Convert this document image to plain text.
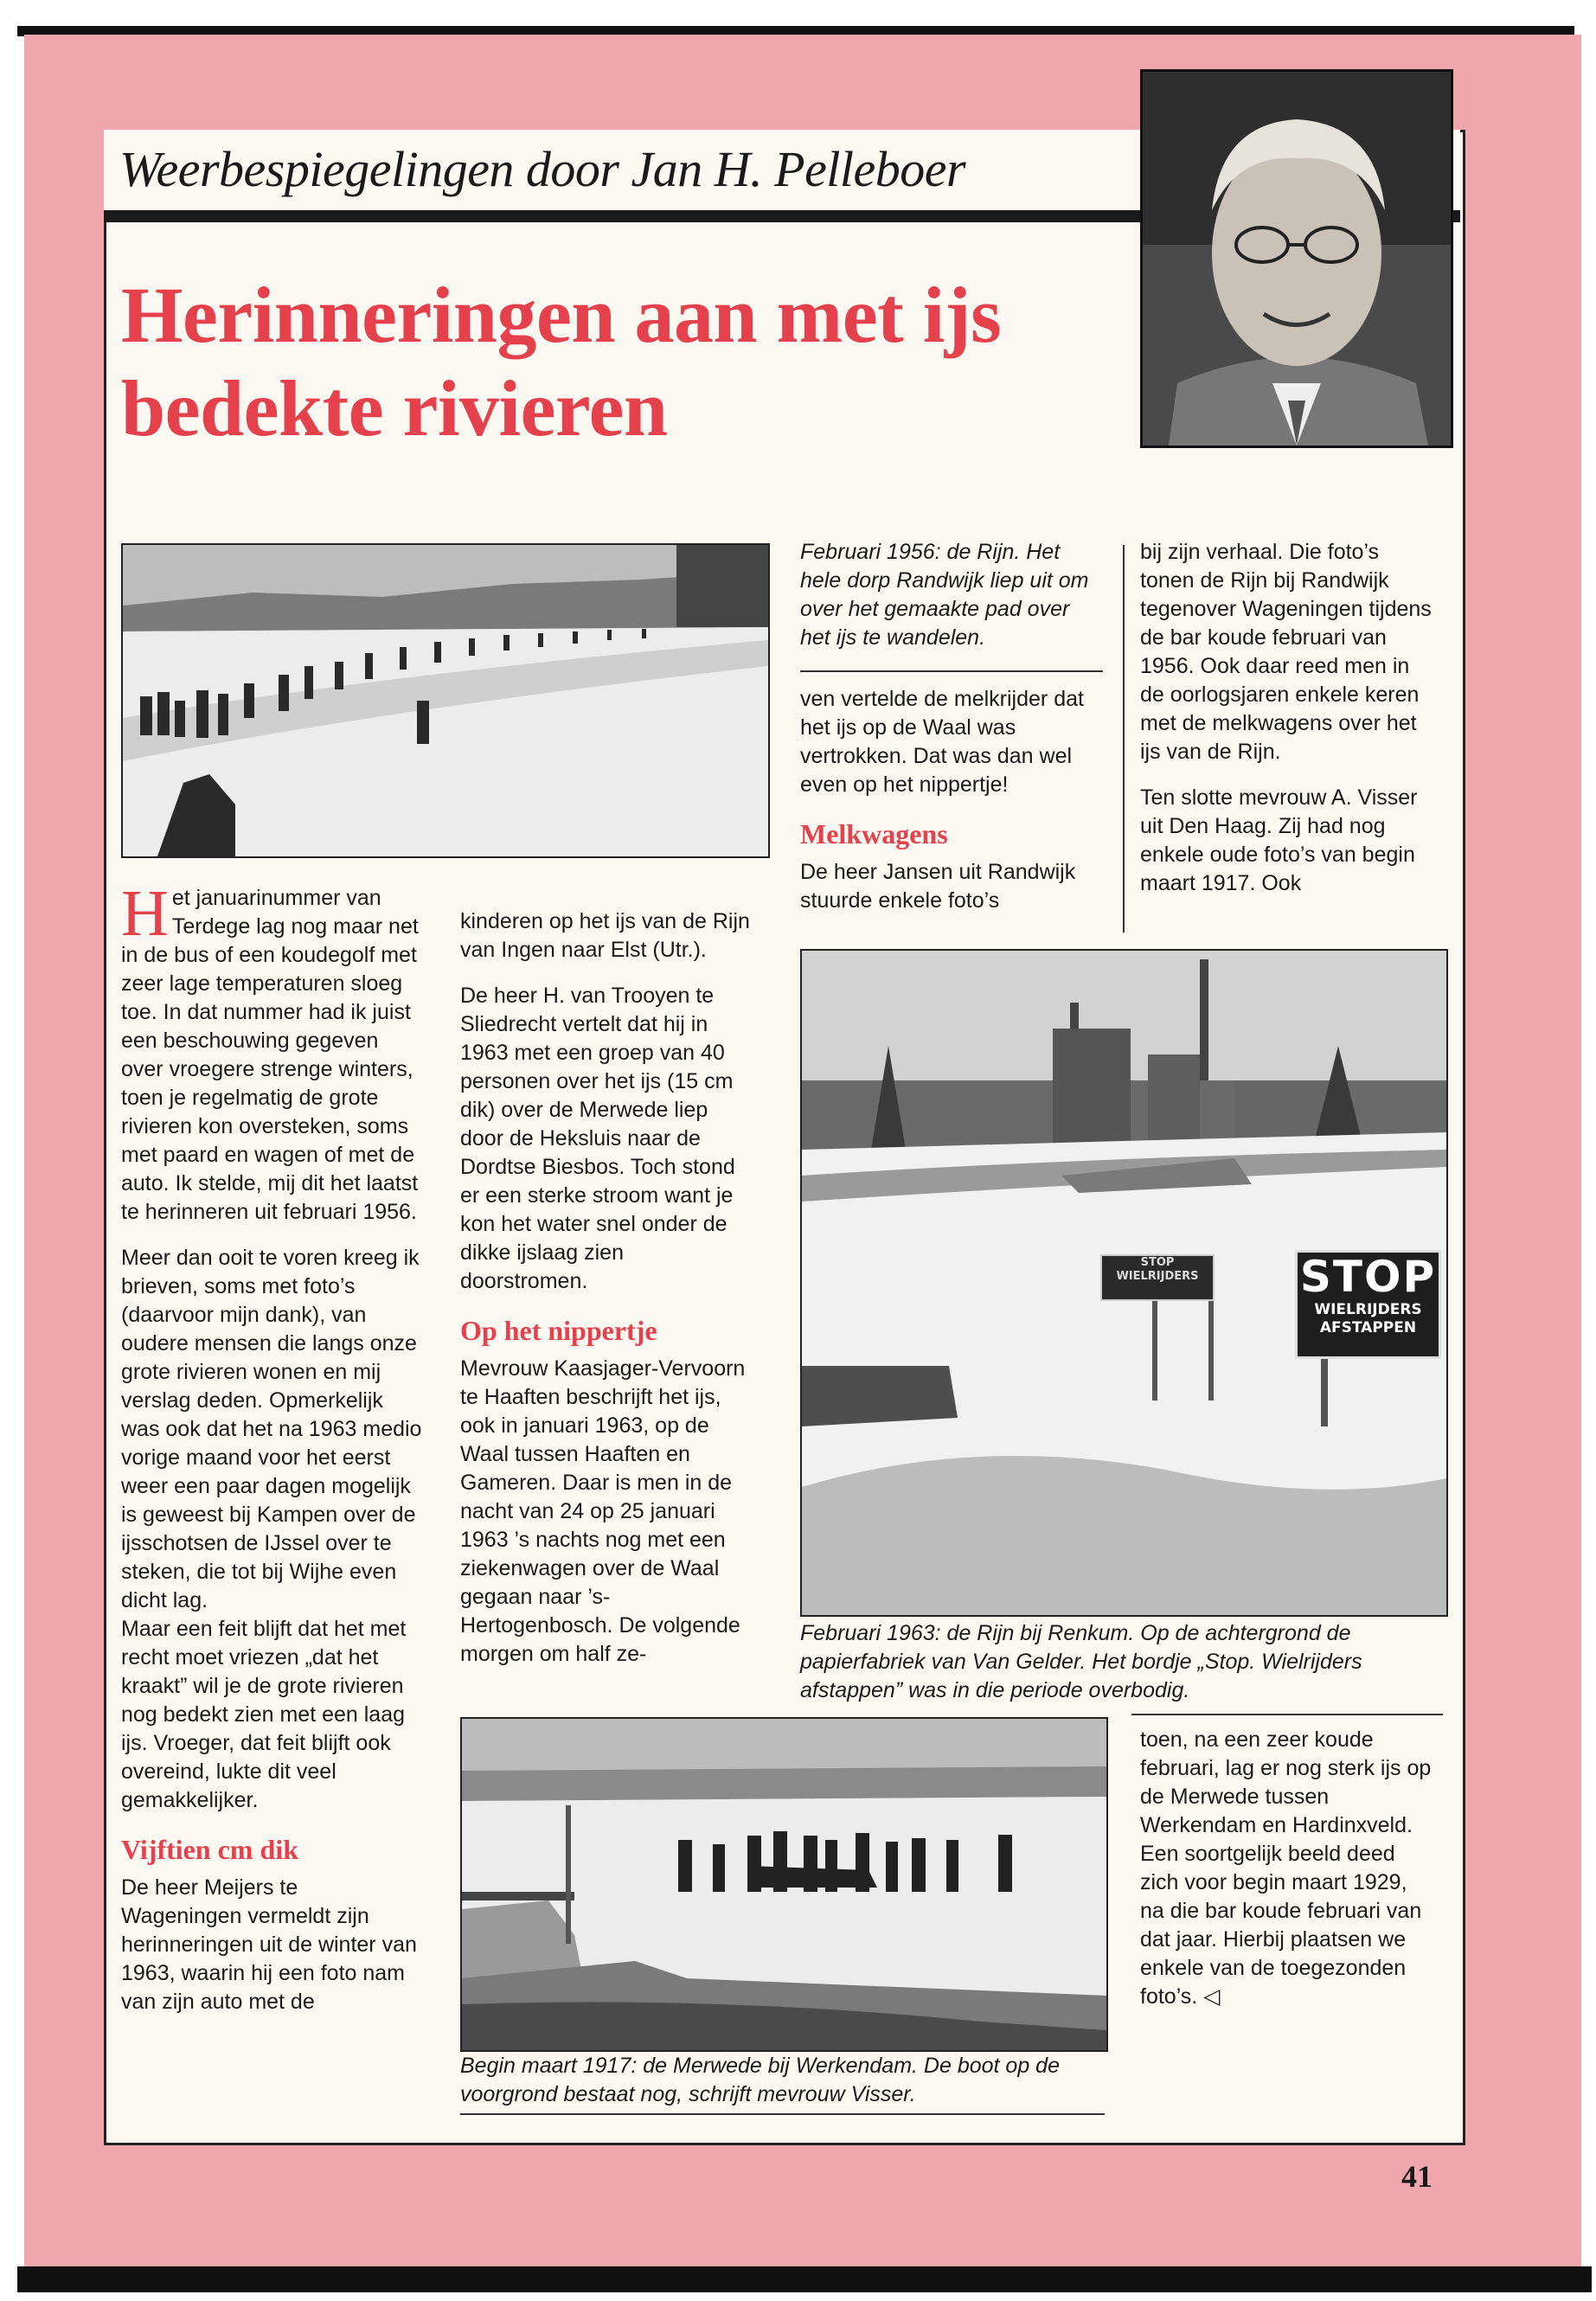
Weerbespiegelingen door Jan H. Pelleboer
Herinneringen aan met ijs
bedekte rivieren
Februari 1956: de Rijn. Het hele dorp Randwijk liep uit om over het gemaakte pad over het ijs te wandelen.

H et januarinummer van Terdege lag nog maar net in de bus of een koudegolf met zeer lage temperaturen sloeg toe. In dat nummer had ik juist een beschouwing gegeven over vroegere strenge winters, toen je regelmatig de grote rivieren kon oversteken, soms met paard en wagen of met de auto. Ik stelde, mij dit het laatst te herinneren uit februari 1956.

Meer dan ooit te voren kreeg ik brieven, soms met foto’s (daarvoor mijn dank), van oudere mensen die langs onze grote rivieren wonen en mij verslag deden. Opmerkelijk was ook dat het na 1963 medio vorige maand voor het eerst weer een paar dagen mogelijk is geweest bij Kampen over de ijsschotsen de IJssel over te steken, die tot bij Wijhe even dicht lag.

Maar een feit blijft dat het met recht moet vriezen „dat het kraakt” wil je de grote rivieren nog bedekt zien met een laag ijs. Vroeger, dat feit blijft ook overeind, lukte dit veel gemakkelijker.

Vijftien cm dik

De heer Meijers te Wageningen vermeldt zijn herinneringen uit de winter van 1963, waarin hij een foto nam van zijn auto met de

kinderen op het ijs van de Rijn van Ingen naar Elst (Utr.).

De heer H. van Trooyen te Sliedrecht vertelt dat hij in 1963 met een groep van 40 personen over het ijs (15 cm dik) over de Merwede liep door de Heksluis naar de Dordtse Biesbos. Toch stond er een sterke stroom want je kon het water snel onder de dikke ijslaag zien doorstromen.

Op het nippertje

Mevrouw Kaasjager-Vervoorn te Haaften beschrijft het ijs, ook in januari 1963, op de Waal tussen Haaften en Gameren. Daar is men in de nacht van 24 op 25 januari 1963 ’s nachts nog met een ziekenwagen over de Waal gegaan naar ’s-Hertogenbosch. De volgende morgen om half ze-

ven vertelde de melkrijder dat het ijs op de Waal was vertrokken. Dat was dan wel even op het nippertje!

Melkwagens

De heer Jansen uit Randwijk stuurde enkele foto’s

bij zijn verhaal. Die foto’s tonen de Rijn bij Randwijk tegenover Wageningen tijdens de bar koude februari van 1956. Ook daar reed men in de oorlogsjaren enkele keren met de melkwagens over het ijs van de Rijn.

Ten slotte mevrouw A. Visser uit Den Haag. Zij had nog enkele oude foto’s van begin maart 1917. Ook

STOP
WIELRIJDERS	STOP
WIELRIJDERS
AFSTAPPEN
Februari 1963: de Rijn bij Renkum. Op de achtergrond de papierfabriek van Van Gelder. Het bordje „Stop. Wielrijders afstappen” was in die periode overbodig.
Begin maart 1917: de Merwede bij Werkendam. De boot op de voorgrond bestaat nog, schrijft mevrouw Visser.

toen, na een zeer koude februari, lag er nog sterk ijs op de Merwede tussen Werkendam en Hardinxveld. Een soortgelijk beeld deed zich voor begin maart 1929, na die bar koude februari van dat jaar. Hierbij plaatsen we enkele van de toegezonden foto’s. ◁

41
